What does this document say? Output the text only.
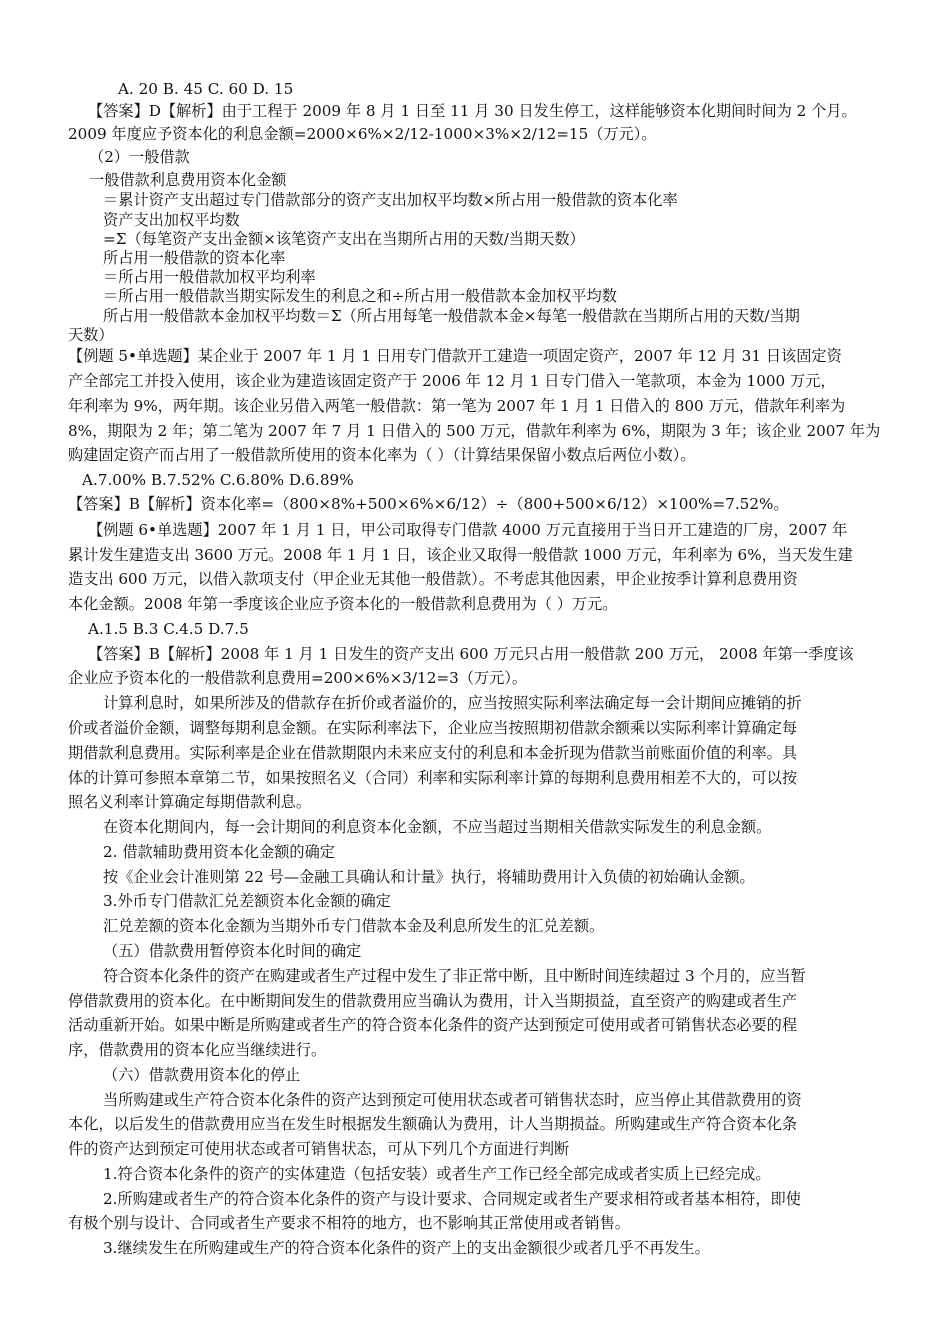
A. 20 B. 45 C. 60 D. 15
【答案】D【解析】由于工程于 2009 年 8 月 1 日至 11 月 30 日发生停工，这样能够资本化期间时间为 2 个月。
2009 年度应予资本化的利息金额=2000×6%×2/12-1000×3%×2/12=15（万元）。
（2）一般借款
一般借款利息费用资本化金额
＝累计资产支出超过专门借款部分的资产支出加权平均数×所占用一般借款的资本化率
资产支出加权平均数
=Σ（每笔资产支出金额×该笔资产支出在当期所占用的天数/当期天数）
所占用一般借款的资本化率
＝所占用一般借款加权平均利率
＝所占用一般借款当期实际发生的利息之和÷所占用一般借款本金加权平均数
所占用一般借款本金加权平均数＝Σ（所占用每笔一般借款本金×每笔一般借款在当期所占用的天数/当期
天数）
【例题 5•单选题】某企业于 2007 年 1 月 1 日用专门借款开工建造一项固定资产，2007 年 12 月 31 日该固定资
产全部完工并投入使用，该企业为建造该固定资产于 2006 年 12 月 1 日专门借入一笔款项，本金为 1000 万元，
年利率为 9%，两年期。该企业另借入两笔一般借款：第一笔为 2007 年 1 月 1 日借入的 800 万元，借款年利率为
8%，期限为 2 年；第二笔为 2007 年 7 月 1 日借入的 500 万元，借款年利率为 6%，期限为 3 年；该企业 2007 年为
购建固定资产而占用了一般借款所使用的资本化率为（ ）（计算结果保留小数点后两位小数）。
A.7.00% B.7.52% C.6.80% D.6.89%
【答案】B【解析】资本化率=（800×8%+500×6%×6/12）÷（800+500×6/12）×100%=7.52%。
【例题 6•单选题】2007 年 1 月 1 日，甲公司取得专门借款 4000 万元直接用于当日开工建造的厂房，2007 年
累计发生建造支出 3600 万元。2008 年 1 月 1 日，该企业又取得一般借款 1000 万元，年利率为 6%，当天发生建
造支出 600 万元，以借入款项支付（甲企业无其他一般借款）。不考虑其他因素，甲企业按季计算利息费用资
本化金额。2008 年第一季度该企业应予资本化的一般借款利息费用为（ ）万元。
A.1.5 B.3 C.4.5 D.7.5
【答案】B【解析】2008 年 1 月 1 日发生的资产支出 600 万元只占用一般借款 200 万元， 2008 年第一季度该
企业应予资本化的一般借款利息费用=200×6%×3/12=3（万元）。
计算利息时，如果所涉及的借款存在折价或者溢价的，应当按照实际利率法确定每一会计期间应摊销的折
价或者溢价金额，调整每期利息金额。在实际利率法下，企业应当按照期初借款余额乘以实际利率计算确定每
期借款利息费用。实际利率是企业在借款期限内未来应支付的利息和本金折现为借款当前账面价值的利率。具
体的计算可参照本章第二节，如果按照名义（合同）利率和实际利率计算的每期利息费用相差不大的，可以按
照名义利率计算确定每期借款利息。
在资本化期间内，每一会计期间的利息资本化金额，不应当超过当期相关借款实际发生的利息金额。
2. 借款辅助费用资本化金额的确定
按《企业会计准则第 22 号—金融工具确认和计量》执行，将辅助费用计入负债的初始确认金额。
3.外币专门借款汇兑差额资本化金额的确定
汇兑差额的资本化金额为当期外币专门借款本金及利息所发生的汇兑差额。
（五）借款费用暂停资本化时间的确定
符合资本化条件的资产在购建或者生产过程中发生了非正常中断，且中断时间连续超过 3 个月的，应当暂
停借款费用的资本化。在中断期间发生的借款费用应当确认为费用，计入当期损益，直至资产的购建或者生产
活动重新开始。如果中断是所购建或者生产的符合资本化条件的资产达到预定可使用或者可销售状态必要的程
序，借款费用的资本化应当继续进行。
（六）借款费用资本化的停止
当所购建或生产符合资本化条件的资产达到预定可使用状态或者可销售状态时，应当停止其借款费用的资
本化，以后发生的借款费用应当在发生时根据发生额确认为费用，计人当期损益。所购建或生产符合资本化条
件的资产达到预定可使用状态或者可销售状态，可从下列几个方面进行判断
1.符合资本化条件的资产的实体建造（包括安装）或者生产工作已经全部完成或者实质上已经完成。
2.所购建或者生产的符合资本化条件的资产与设计要求、合同规定或者生产要求相符或者基本相符，即使
有极个别与设计、合同或者生产要求不相符的地方，也不影响其正常使用或者销售。
3.继续发生在所购建或生产的符合资本化条件的资产上的支出金额很少或者几乎不再发生。
